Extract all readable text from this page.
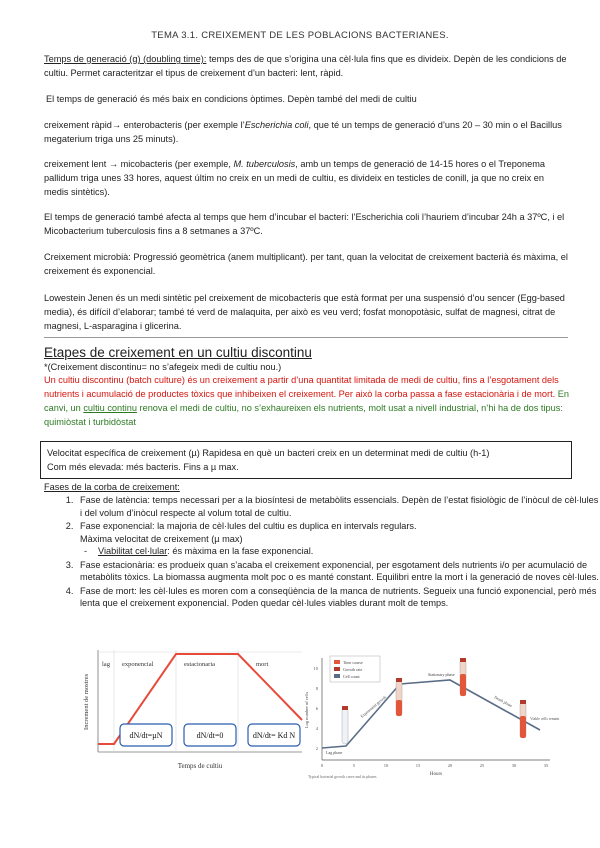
TEMA 3.1. CREIXEMENT DE LES POBLACIONS BACTERIANES.
Temps de generació (g) (doubling time): temps des de que s’origina una cèl·lula fins que es divideix. Depèn de les condicions de cultiu. Permet caracteritzar el tipus de creixement d’un bacteri: lent, ràpid.
El temps de generació és més baix en condicions òptimes. Depèn també del medi de cultiu
creixement ràpid→ enterobacteris (per exemple l’Escherichia coli, que té un temps de generació d’uns 20 – 30 min o el Bacillus megaterium triga uns 25 minuts).
creixement lent → micobacteris (per exemple, M. tuberculosis, amb un temps de generació de 14-15 hores o el Treponema pallidum triga unes 33 hores, aquest últim no creix en un medi de cultiu, es divideix en testicles de conill, ja que no creix en medis sintètics).
El temps de generació també afecta al temps que hem d’incubar el bacteri: l’Escherichia coli l’hauriem d’incubar 24h a 37ºC, i el Micobacterium tuberculosis fins a 8 setmanes a 37ºC.
Creixement microbià: Progressió geomètrica (anem multiplicant). per tant, quan la velocitat de creixement bacterià és màxima, el creixement és exponencial.
Lowestein Jenen és un medi sintètic pel creixement de micobacteris que està format per una suspensió d’ou sencer (Egg-based media), és difícil d’elaborar; també té verd de malaquita, per això es veu verd; fosfat monopotàsic, sulfat de magnesi, citrat de magnesi, L-asparagina i glicerina.
Etapes de creixement en un cultiu discontinu
*(Creixement discontinu= no s’afegeix medi de cultiu nou.)
Un cultiu discontinu (batch culture) és un creixement a partir d’una quantitat limitada de medi de cultiu, fins a l’esgotament dels nutrients i acumulació de productes tòxics que inhibeixen el creixement. Per això la corba passa a fase estacionària i de mort. En canvi, un cultiu continu renova el medi de cultiu, no s’exhaureixen els nutrients, molt usat a nivell industrial, n’hi ha de dos tipus: quimiòstat i turbidòstat
Velocitat específica de creixement (µ) Rapidesa en què un bacteri creix en un determinat medi de cultiu (h-1)
Com més elevada: més bacteris. Fins a µ max.
Fases de la corba de creixement:
1. Fase de latència: temps necessari per a la biosíntesi de metabòlits essencials. Depèn de l’estat fisiològic de l’inòcul de cèl·lules i del volum d’inòcul respecte al volum total de cultiu.
2. Fase exponencial: la majoria de cèl·lules del cultiu es duplica en intervals regulars.
Màxima velocitat de creixement (µ max)
- Viabilitat cel·lular: és màxima en la fase exponencial.
3. Fase estacionària: es produeix quan s’acaba el creixement exponencial, per esgotament dels nutrients i/o per acumulació de metabòlits tòxics. La biomassa augmenta molt poc o es manté constant. Equilibri entre la mort i la generació de noves cèl·lules.
4. Fase de mort: les cèl·lules es moren com a conseqüència de la manca de nutrients. Segueix una funció exponencial, però més lenta que el creixement exponencial. Poden quedar cèl·lules viables durant molt de temps.
lag exponencial	estacionaria	mort
dN/dt=µN	dN/dt=0	dN/dt= Kd N
Increment de mostres
Temps de cultiu
Time course
Growth rate
Cell count
2
4
6
8
10
0	5	10	15	20	25	30	35
Log number of cells
Hours
Lag phase
Exponential growth
Stationary phase
Death phase
Viable cells remain
Typical bacterial growth curve and its phases
